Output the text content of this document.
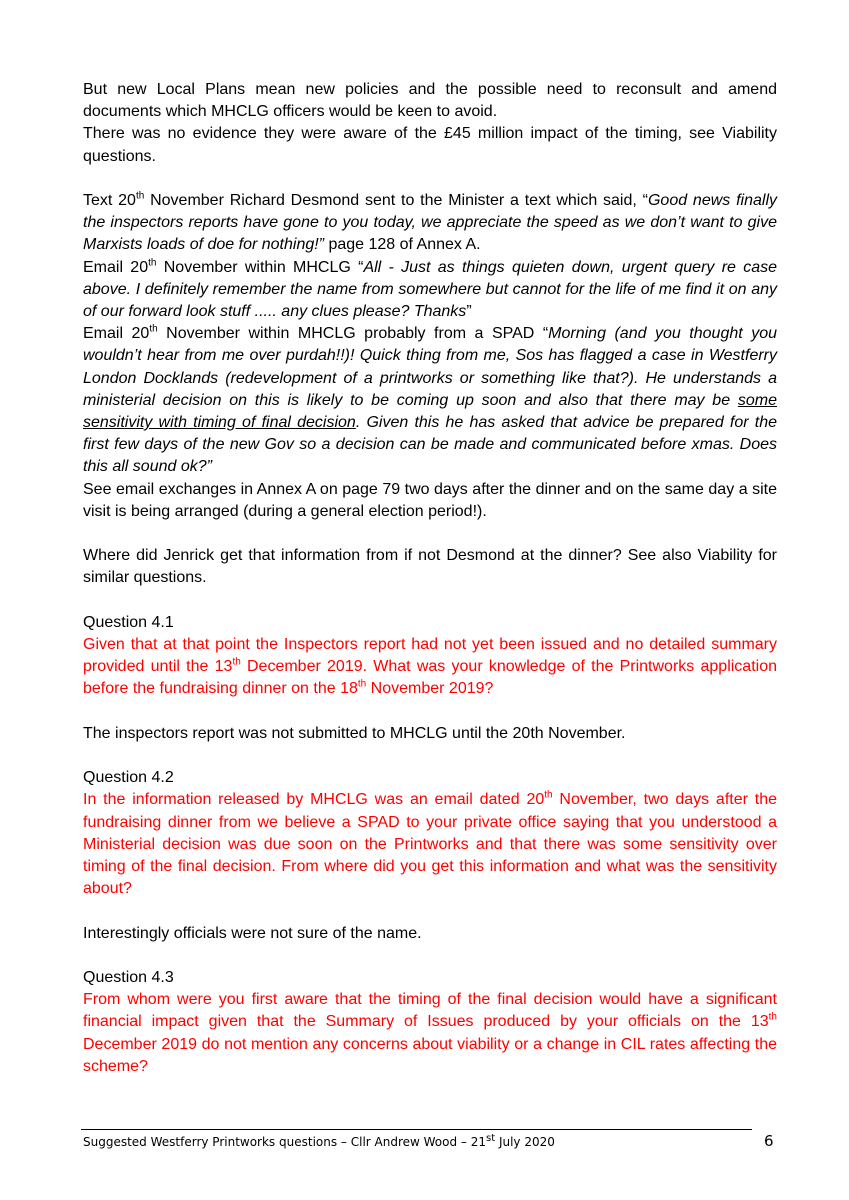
But new Local Plans mean new policies and the possible need to reconsult and amend documents which MHCLG officers would be keen to avoid.

There was no evidence they were aware of the £45 million impact of the timing, see Viability questions.

Text 20th November Richard Desmond sent to the Minister a text which said, “Good news finally the inspectors reports have gone to you today, we appreciate the speed as we don’t want to give Marxists loads of doe for nothing!” page 128 of Annex A.

Email 20th November within MHCLG “All - Just as things quieten down, urgent query re case above. I definitely remember the name from somewhere but cannot for the life of me find it on any of our forward look stuff ..... any clues please? Thanks”

Email 20th November within MHCLG probably from a SPAD “Morning (and you thought you wouldn’t hear from me over purdah!!)! Quick thing from me, Sos has flagged a case in Westferry London Docklands (redevelopment of a printworks or something like that?). He understands a ministerial decision on this is likely to be coming up soon and also that there may be some sensitivity with timing of final decision. Given this he has asked that advice be prepared for the first few days of the new Gov so a decision can be made and communicated before xmas. Does this all sound ok?”

See email exchanges in Annex A on page 79 two days after the dinner and on the same day a site visit is being arranged (during a general election period!).

Where did Jenrick get that information from if not Desmond at the dinner? See also Viability for similar questions.

Question 4.1

Given that at that point the Inspectors report had not yet been issued and no detailed summary provided until the 13th December 2019. What was your knowledge of the Printworks application before the fundraising dinner on the 18th November 2019?

The inspectors report was not submitted to MHCLG until the 20th November.

Question 4.2

In the information released by MHCLG was an email dated 20th November, two days after the fundraising dinner from we believe a SPAD to your private office saying that you understood a Ministerial decision was due soon on the Printworks and that there was some sensitivity over timing of the final decision. From where did you get this information and what was the sensitivity about?

Interestingly officials were not sure of the name.

Question 4.3

From whom were you first aware that the timing of the final decision would have a significant financial impact given that the Summary of Issues produced by your officials on the 13th December 2019 do not mention any concerns about viability or a change in CIL rates affecting the scheme?

Suggested Westferry Printworks questions – Cllr Andrew Wood – 21st July 2020	6
